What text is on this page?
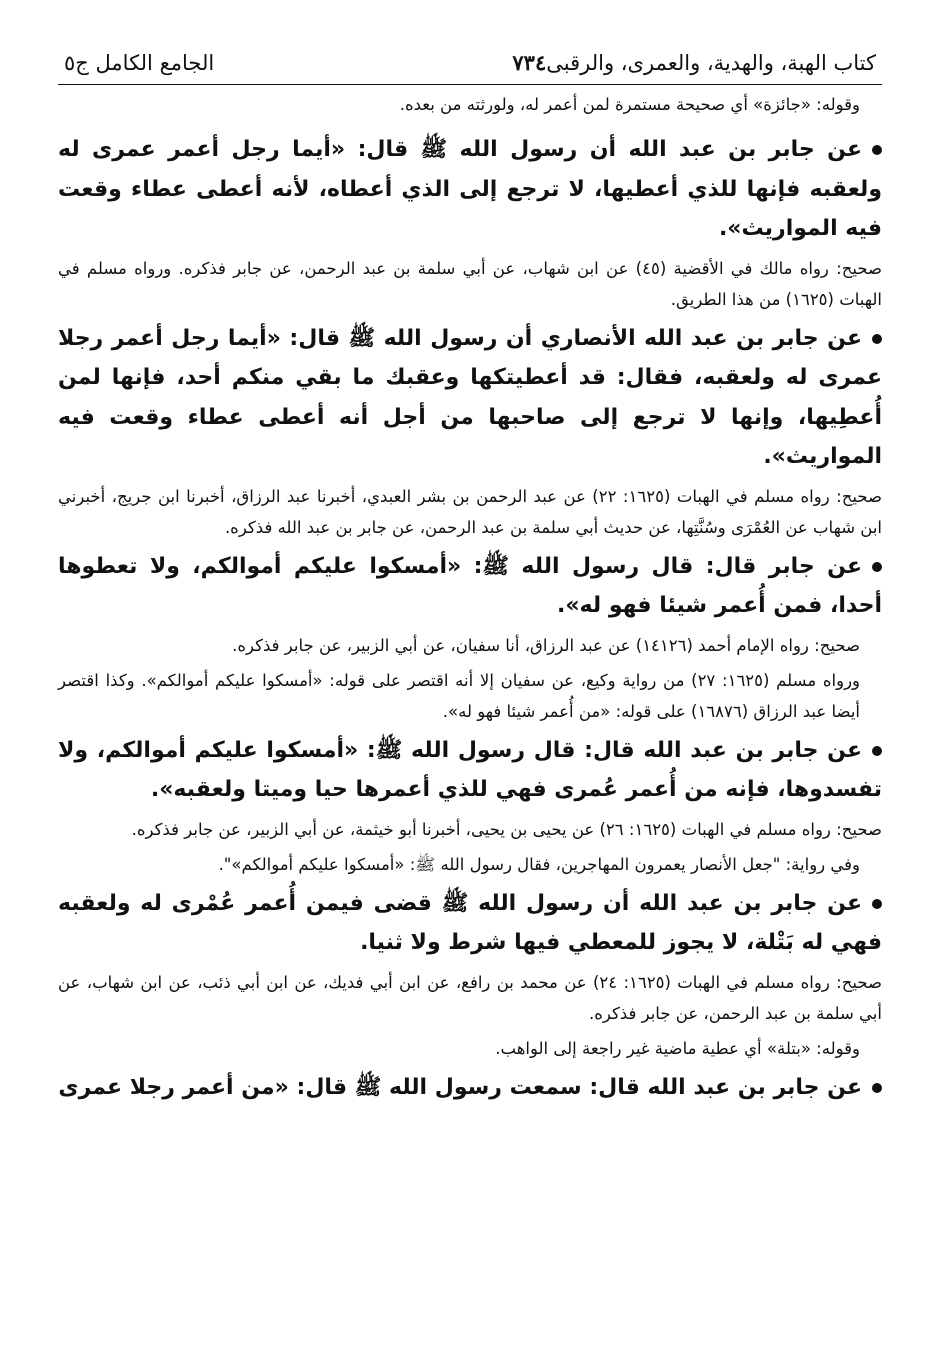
كتاب الهبة، والهدية، والعمرى، والرقبى
٧٣٤
الجامع الكامل ج٥

وقوله: «جائزة» أي صحيحة مستمرة لمن أعمر له، ولورثته من بعده.

عن جابر بن عبد الله أن رسول الله ﷺ قال: «أيما رجل أعمر عمرى له ولعقبه فإنها للذي أعطيها، لا ترجع إلى الذي أعطاه، لأنه أعطى عطاء وقعت فيه المواريث».

صحيح: رواه مالك في الأقضية (٤٥) عن ابن شهاب، عن أبي سلمة بن عبد الرحمن، عن جابر فذكره. ورواه مسلم في الهبات (١٦٢٥) من هذا الطريق.

عن جابر بن عبد الله الأنصاري أن رسول الله ﷺ قال: «أيما رجل أعمر رجلا عمرى له ولعقبه، فقال: قد أعطيتكها وعقبك ما بقي منكم أحد، فإنها لمن أُعطِيها، وإنها لا ترجع إلى صاحبها من أجل أنه أعطى عطاء وقعت فيه المواريث».

صحيح: رواه مسلم في الهبات (١٦٢٥: ٢٢) عن عبد الرحمن بن بشر العبدي، أخبرنا عبد الرزاق، أخبرنا ابن جريج، أخبرني ابن شهاب عن العُمْرَى وسُنَّتِها، عن حديث أبي سلمة بن عبد الرحمن، عن جابر بن عبد الله فذكره.

عن جابر قال: قال رسول الله ﷺ: «أمسكوا عليكم أموالكم، ولا تعطوها أحدا، فمن أُعمر شيئا فهو له».

صحيح: رواه الإمام أحمد (١٤١٢٦) عن عبد الرزاق، أنا سفيان، عن أبي الزبير، عن جابر فذكره.

ورواه مسلم (١٦٢٥: ٢٧) من رواية وكيع، عن سفيان إلا أنه اقتصر على قوله: «أمسكوا عليكم أموالكم». وكذا اقتصر أيضا عبد الرزاق (١٦٨٧٦) على قوله: «من أُعمر شيئا فهو له».

عن جابر بن عبد الله قال: قال رسول الله ﷺ: «أمسكوا عليكم أموالكم، ولا تفسدوها، فإنه من أُعمر عُمرى فهي للذي أعمرها حيا وميتا ولعقبه».

صحيح: رواه مسلم في الهبات (١٦٢٥: ٢٦) عن يحيى بن يحيى، أخبرنا أبو خيثمة، عن أبي الزبير، عن جابر فذكره.

وفي رواية: "جعل الأنصار يعمرون المهاجرين، فقال رسول الله ﷺ: «أمسكوا عليكم أموالكم»".

عن جابر بن عبد الله أن رسول الله ﷺ قضى فيمن أُعمر عُمْرى له ولعقبه فهي له بَتْلة، لا يجوز للمعطي فيها شرط ولا ثنيا.

صحيح: رواه مسلم في الهبات (١٦٢٥: ٢٤) عن محمد بن رافع، عن ابن أبي فديك، عن ابن أبي ذئب، عن ابن شهاب، عن أبي سلمة بن عبد الرحمن، عن جابر فذكره.

وقوله: «بتلة» أي عطية ماضية غير راجعة إلى الواهب.

عن جابر بن عبد الله قال: سمعت رسول الله ﷺ قال: «من أعمر رجلا عمرى
